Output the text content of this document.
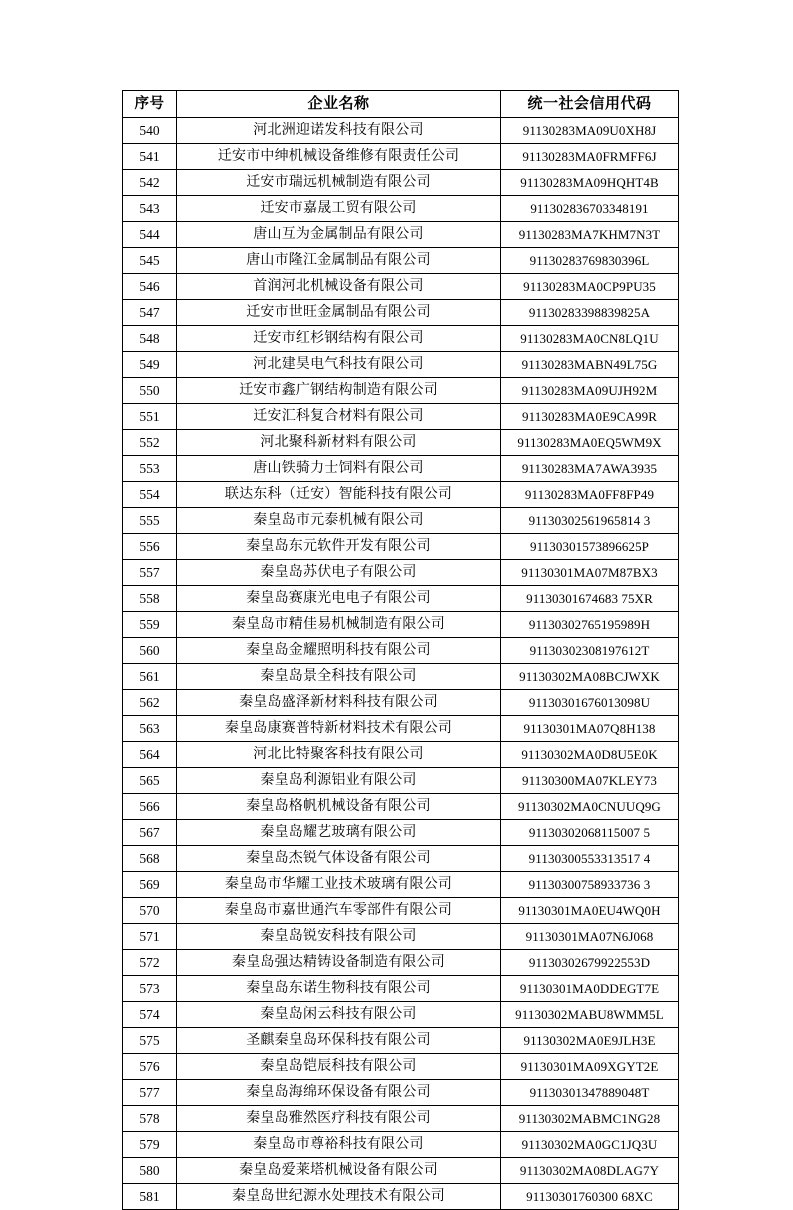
序号	企业名称	统一社会信用代码
540	河北洲迎诺发科技有限公司	91130283MA09U0XH8J
541	迁安市中绅机械设备维修有限责任公司	91130283MA0FRMFF6J
542	迁安市瑞远机械制造有限公司	91130283MA09HQHT4B
543	迁安市嘉晟工贸有限公司	911302836703348191
544	唐山互为金属制品有限公司	91130283MA7KHM7N3T
545	唐山市隆江金属制品有限公司	91130283769830396L
546	首润河北机械设备有限公司	91130283MA0CP9PU35
547	迁安市世旺金属制品有限公司	91130283398839825A
548	迁安市红杉钢结构有限公司	91130283MA0CN8LQ1U
549	河北建昊电气科技有限公司	91130283MABN49L75G
550	迁安市鑫广钢结构制造有限公司	91130283MA09UJH92M
551	迁安汇科复合材料有限公司	91130283MA0E9CA99R
552	河北聚科新材料有限公司	91130283MA0EQ5WM9X
553	唐山铁骑力士饲料有限公司	91130283MA7AWA3935
554	联达东科（迁安）智能科技有限公司	91130283MA0FF8FP49
555	秦皇岛市元泰机械有限公司	91130302561965814 3
556	秦皇岛东元软件开发有限公司	91130301573896625P
557	秦皇岛苏伏电子有限公司	91130301MA07M87BX3
558	秦皇岛赛康光电电子有限公司	91130301674683 75XR
559	秦皇岛市精佳易机械制造有限公司	91130302765195989H
560	秦皇岛金耀照明科技有限公司	91130302308197612T
561	秦皇岛景全科技有限公司	91130302MA08BCJWXK
562	秦皇岛盛泽新材料科技有限公司	91130301676013098U
563	秦皇岛康赛普特新材料技术有限公司	91130301MA07Q8H138
564	河北比特聚客科技有限公司	91130302MA0D8U5E0K
565	秦皇岛利源铝业有限公司	91130300MA07KLEY73
566	秦皇岛格帆机械设备有限公司	91130302MA0CNUUQ9G
567	秦皇岛耀艺玻璃有限公司	91130302068115007 5
568	秦皇岛杰锐气体设备有限公司	91130300553313517 4
569	秦皇岛市华耀工业技术玻璃有限公司	91130300758933736 3
570	秦皇岛市嘉世通汽车零部件有限公司	91130301MA0EU4WQ0H
571	秦皇岛锐安科技有限公司	91130301MA07N6J068
572	秦皇岛强达精铸设备制造有限公司	91130302679922553D
573	秦皇岛东诺生物科技有限公司	91130301MA0DDEGT7E
574	秦皇岛闲云科技有限公司	91130302MABU8WMM5L
575	圣麒秦皇岛环保科技有限公司	91130302MA0E9JLH3E
576	秦皇岛铠辰科技有限公司	91130301MA09XGYT2E
577	秦皇岛海绵环保设备有限公司	91130301347889048T
578	秦皇岛雅然医疗科技有限公司	91130302MABMC1NG28
579	秦皇岛市尊裕科技有限公司	91130302MA0GC1JQ3U
580	秦皇岛爱莱塔机械设备有限公司	91130302MA08DLAG7Y
581	秦皇岛世纪源水处理技术有限公司	91130301760300 68XC
